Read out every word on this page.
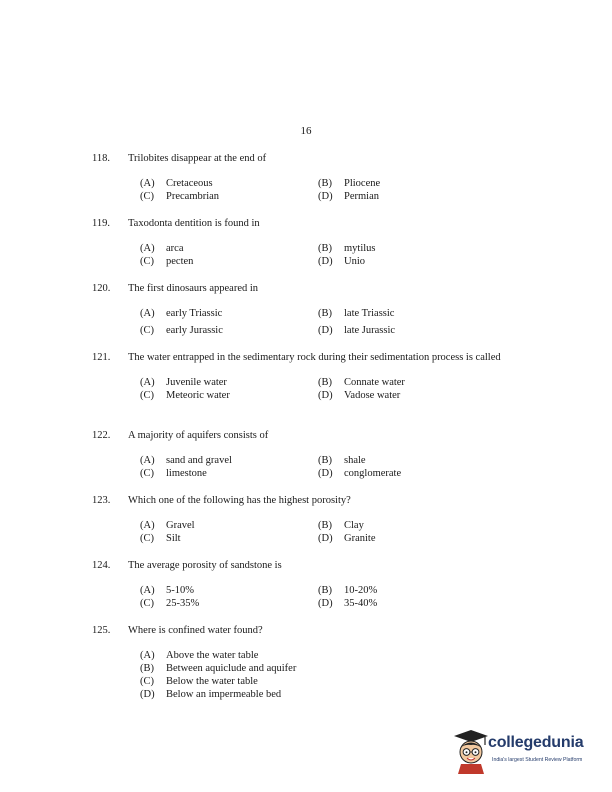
16
118.	Trilobites disappear at the end of
(A)	Cretaceous	(B)	Pliocene
(C)	Precambrian	(D)	Permian
119.	Taxodonta dentition is found in
(A)	arca	(B)	mytilus
(C)	pecten	(D)	Unio
120.	The first dinosaurs appeared in
(A)	early Triassic	(B)	late Triassic
(C)	early Jurassic	(D)	late Jurassic
121.	The water entrapped in the sedimentary rock during their sedimentation process is called
(A)	Juvenile water	(B)	Connate water
(C)	Meteoric water	(D)	Vadose water
122.	A majority of aquifers consists of
(A)	sand and gravel	(B)	shale
(C)	limestone	(D)	conglomerate
123.	Which one of the following has the highest porosity?
(A)	Gravel	(B)	Clay
(C)	Silt	(D)	Granite
124.	The average porosity of sandstone is
(A)	5-10%	(B)	10-20%
(C)	25-35%	(D)	35-40%
125.	Where is confined water found?
(A)	Above the water table
(B)	Between aquiclude and aquifer
(C)	Below the water table
(D)	Below an impermeable bed
collegedunia
India's largest Student Review Platform
